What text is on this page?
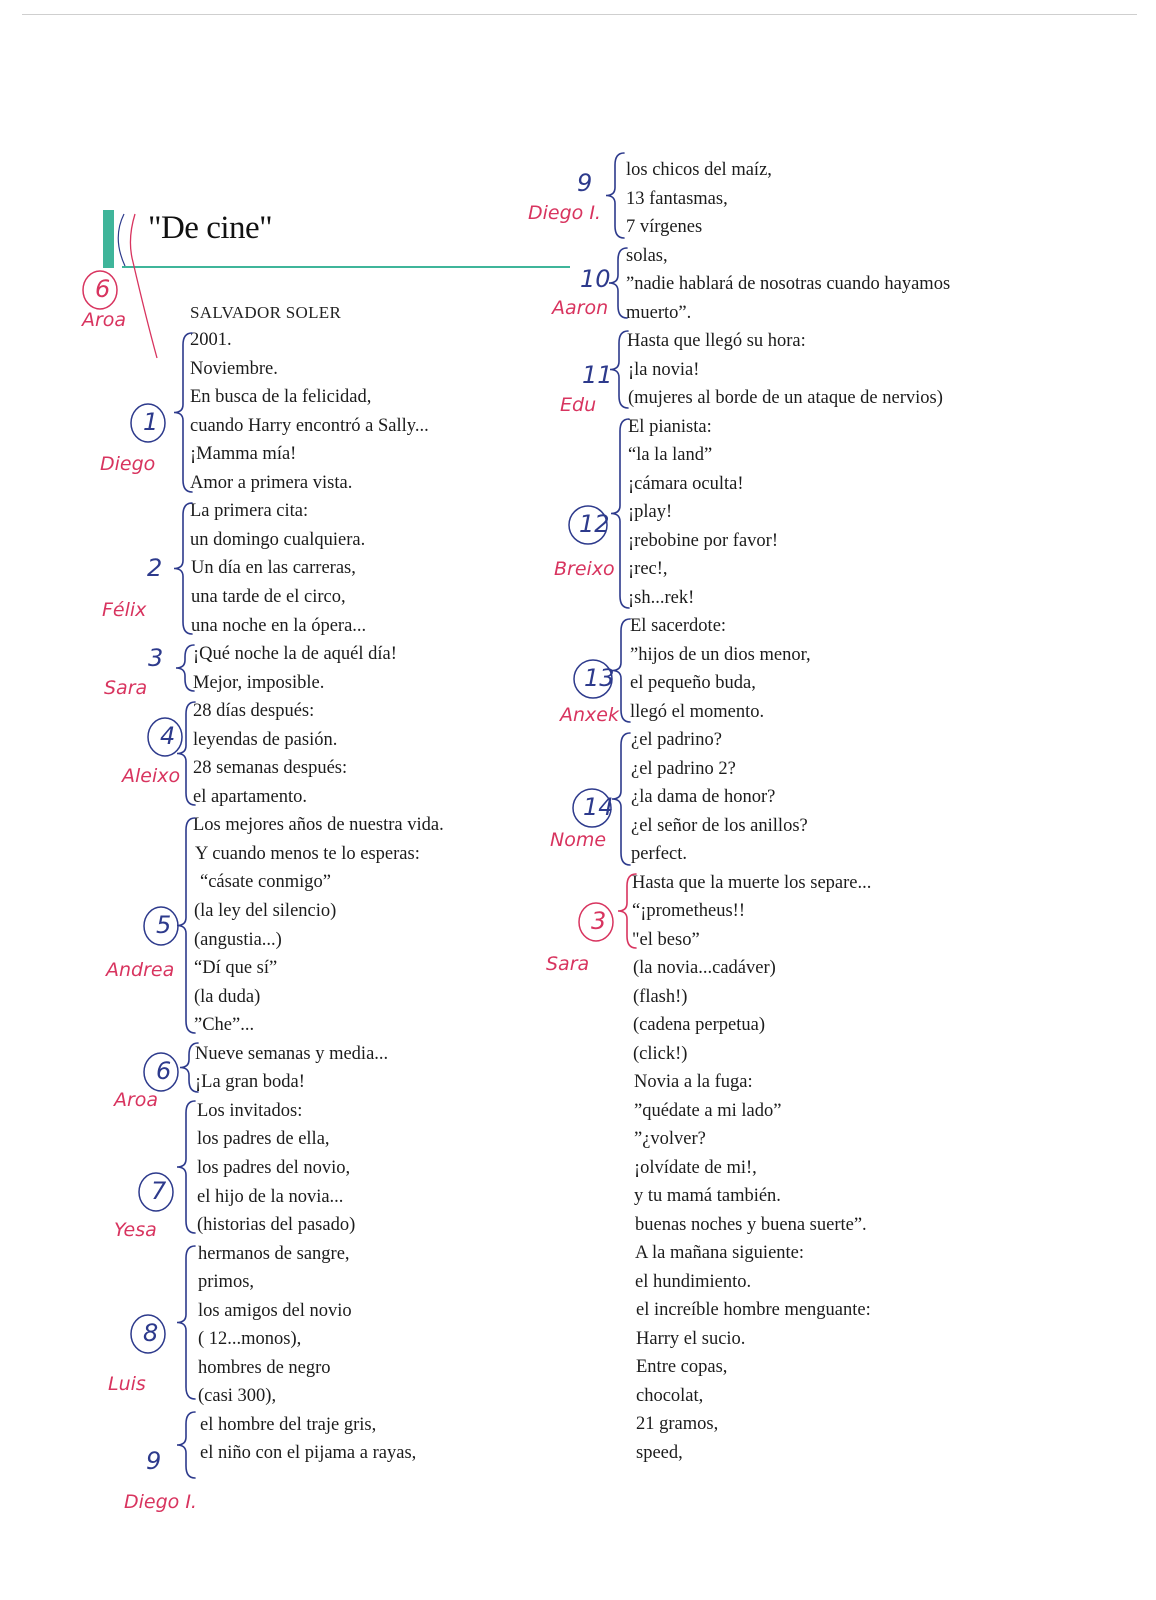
"De cine"
SALVADOR SOLER
2001.
Noviembre.
En busca de la felicidad,
cuando Harry encontró a Sally...
¡Mamma mía!
Amor a primera vista.
La primera cita:
un domingo cualquiera.
Un día en las carreras,
una tarde de el circo,
una noche en la ópera...
¡Qué noche la de aquél día!
Mejor, imposible.
28 días después:
leyendas de pasión.
28 semanas después:
el apartamento.
Los mejores años de nuestra vida.
Y cuando menos te lo esperas:
“cásate conmigo”
(la ley del silencio)
(angustia...)
“Dí que sí”
(la duda)
”Che”...
Nueve semanas y media...
¡La gran boda!
Los invitados:
los padres de ella,
los padres del novio,
el hijo de la novia...
(historias del pasado)
hermanos de sangre,
primos,
los amigos del novio
( 12...monos),
hombres de negro
(casi 300),
el hombre del traje gris,
el niño con el pijama a rayas,
los chicos del maíz,
13 fantasmas,
7 vírgenes
solas,
”nadie hablará de nosotras cuando hayamos
muerto”.
Hasta que llegó su hora:
¡la novia!
(mujeres al borde de un ataque de nervios)
El pianista:
“la la land”
¡cámara oculta!
¡play!
¡rebobine por favor!
¡rec!,
¡sh...rek!
El sacerdote:
”hijos de un dios menor,
el pequeño buda,
llegó el momento.
¿el padrino?
¿el padrino 2?
¿la dama de honor?
¿el señor de los anillos?
perfect.
Hasta que la muerte los separe...
“¡prometheus!!
"el beso”
(la novia...cadáver)
(flash!)
(cadena perpetua)
(click!)
Novia a la fuga:
”quédate a mi lado”
”¿volver?
¡olvídate de mi!,
y tu mamá también.
buenas noches y buena suerte”.
A la mañana siguiente:
el hundimiento.
el increíble hombre menguante:
Harry el sucio.
Entre copas,
chocolat,
21 gramos,
speed,
6
Aroa
1
Diego
2
Félix
3
Sara
4
Aleixo
5
Andrea
6
Aroa
7
Yesa
8
Luis
9
Diego I.
9
Diego I.
10
Aaron
11
Edu
12
Breixo
13
Anxek
14
Nome
3
Sara
